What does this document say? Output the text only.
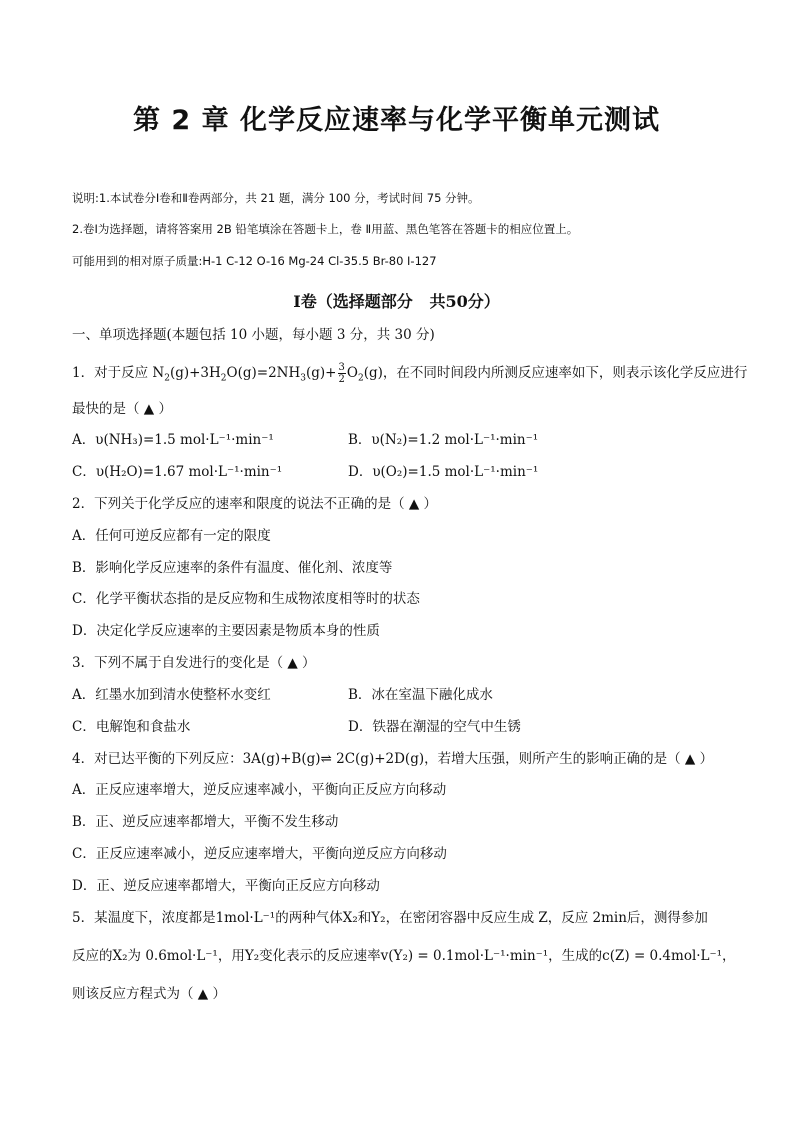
第 2 章 化学反应速率与化学平衡单元测试
说明:1.本试卷分Ⅰ卷和Ⅱ卷两部分，共 21 题，满分 100 分，考试时间 75 分钟。
2.卷Ⅰ为选择题，请将答案用 2B 铅笔填涂在答题卡上，卷 Ⅱ用蓝、黑色笔答在答题卡的相应位置上。
可能用到的相对原子质量:H-1 C-12 O-16 Mg-24 Cl-35.5 Br-80 I-127
Ⅰ卷（选择题部分   共50分）
一、单项选择题(本题包括 10 小题，每小题 3 分，共 30 分)
1．对于反应 $N_2(g)+3H_2O(g)=2NH_3(g)+ \frac{3}{2} O_2(g)$，在不同时间段内所测反应速率如下，则表示该化学反应进行
最快的是（ ▲ ）
A．υ(NH₃)=1.5 mol·L⁻¹·min⁻¹	B．υ(N₂)=1.2 mol·L⁻¹·min⁻¹
C．υ(H₂O)=1.67 mol·L⁻¹·min⁻¹	D．υ(O₂)=1.5 mol·L⁻¹·min⁻¹
2．下列关于化学反应的速率和限度的说法不正确的是（ ▲ ）
A．任何可逆反应都有一定的限度
B．影响化学反应速率的条件有温度、催化剂、浓度等
C．化学平衡状态指的是反应物和生成物浓度相等时的状态
D．决定化学反应速率的主要因素是物质本身的性质
3．下列不属于自发进行的变化是（ ▲ ）
A．红墨水加到清水使整杯水变红	B．冰在室温下融化成水
C．电解饱和食盐水	D．铁器在潮湿的空气中生锈
4．对已达平衡的下列反应：3A(g)+B(g)⇌ 2C(g)+2D(g)，若增大压强，则所产生的影响正确的是（ ▲ ）
A．正反应速率增大，逆反应速率减小，平衡向正反应方向移动
B．正、逆反应速率都增大，平衡不发生移动
C．正反应速率减小，逆反应速率增大，平衡向逆反应方向移动
D．正、逆反应速率都增大，平衡向正反应方向移动
5．某温度下，浓度都是1mol·L⁻¹的两种气体X₂和Y₂，在密闭容器中反应生成 Z，反应 2min后，测得参加
反应的X₂为 0.6mol·L⁻¹，用Y₂变化表示的反应速率v(Y₂) = 0.1mol·L⁻¹·min⁻¹，生成的c(Z) = 0.4mol·L⁻¹，
则该反应方程式为（ ▲ ）
